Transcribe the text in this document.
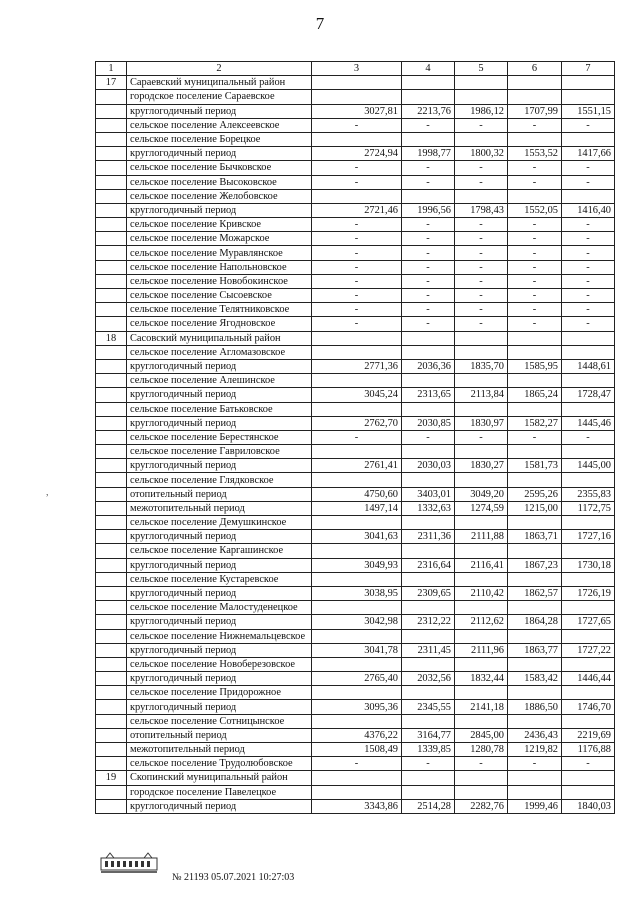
7
1	2	3	4	5	6	7
17	Сараевский муниципальный район					
	городское поселение Сараевское					
	круглогодичный период	3027,81	2213,76	1986,12	1707,99	1551,15
	сельское поселение Алексеевское	-	-	-	-	-
	сельское поселение Борецкое					
	круглогодичный период	2724,94	1998,77	1800,32	1553,52	1417,66
	сельское поселение Бычковское	-	-	-	-	-
	сельское поселение Высоковское	-	-	-	-	-
	сельское поселение Желобовское					
	круглогодичный период	2721,46	1996,56	1798,43	1552,05	1416,40
	сельское поселение Кривское	-	-	-	-	-
	сельское поселение Можарское	-	-	-	-	-
	сельское поселение Муравлянское	-	-	-	-	-
	сельское поселение Напольновское	-	-	-	-	-
	сельское поселение Новобокинское	-	-	-	-	-
	сельское поселение Сысоевское	-	-	-	-	-
	сельское поселение Телятниковское	-	-	-	-	-
	сельское поселение Ягодновское	-	-	-	-	-
18	Сасовский муниципальный район					
	сельское поселение Агломазовское					
	круглогодичный период	2771,36	2036,36	1835,70	1585,95	1448,61
	сельское поселение Алешинское					
	круглогодичный период	3045,24	2313,65	2113,84	1865,24	1728,47
	сельское поселение Батьковское					
	круглогодичный период	2762,70	2030,85	1830,97	1582,27	1445,46
	сельское поселение Берестянское	-	-	-	-	-
	сельское поселение Гавриловское					
	круглогодичный период	2761,41	2030,03	1830,27	1581,73	1445,00
	сельское поселение Глядковское					
	отопительный период	4750,60	3403,01	3049,20	2595,26	2355,83
	межотопительный период	1497,14	1332,63	1274,59	1215,00	1172,75
	сельское поселение Демушкинское					
	круглогодичный период	3041,63	2311,36	2111,88	1863,71	1727,16
	сельское поселение Каргашинское					
	круглогодичный период	3049,93	2316,64	2116,41	1867,23	1730,18
	сельское поселение Кустаревское					
	круглогодичный период	3038,95	2309,65	2110,42	1862,57	1726,19
	сельское поселение Малостуденецкое					
	круглогодичный период	3042,98	2312,22	2112,62	1864,28	1727,65
	сельское поселение Нижнемальцевское					
	круглогодичный период	3041,78	2311,45	2111,96	1863,77	1727,22
	сельское поселение Новоберезовское					
	круглогодичный период	2765,40	2032,56	1832,44	1583,42	1446,44
	сельское поселение Придорожное					
	круглогодичный период	3095,36	2345,55	2141,18	1886,50	1746,70
	сельское поселение Сотницынское					
	отопительный период	4376,22	3164,77	2845,00	2436,43	2219,69
	межотопительный период	1508,49	1339,85	1280,78	1219,82	1176,88
	сельское поселение Трудолюбовское	-	-	-	-	-
19	Скопинский муниципальный район					
	городское поселение Павелецкое					
	круглогодичный период	3343,86	2514,28	2282,76	1999,46	1840,03
,
№ 21193 05.07.2021 10:27:03
